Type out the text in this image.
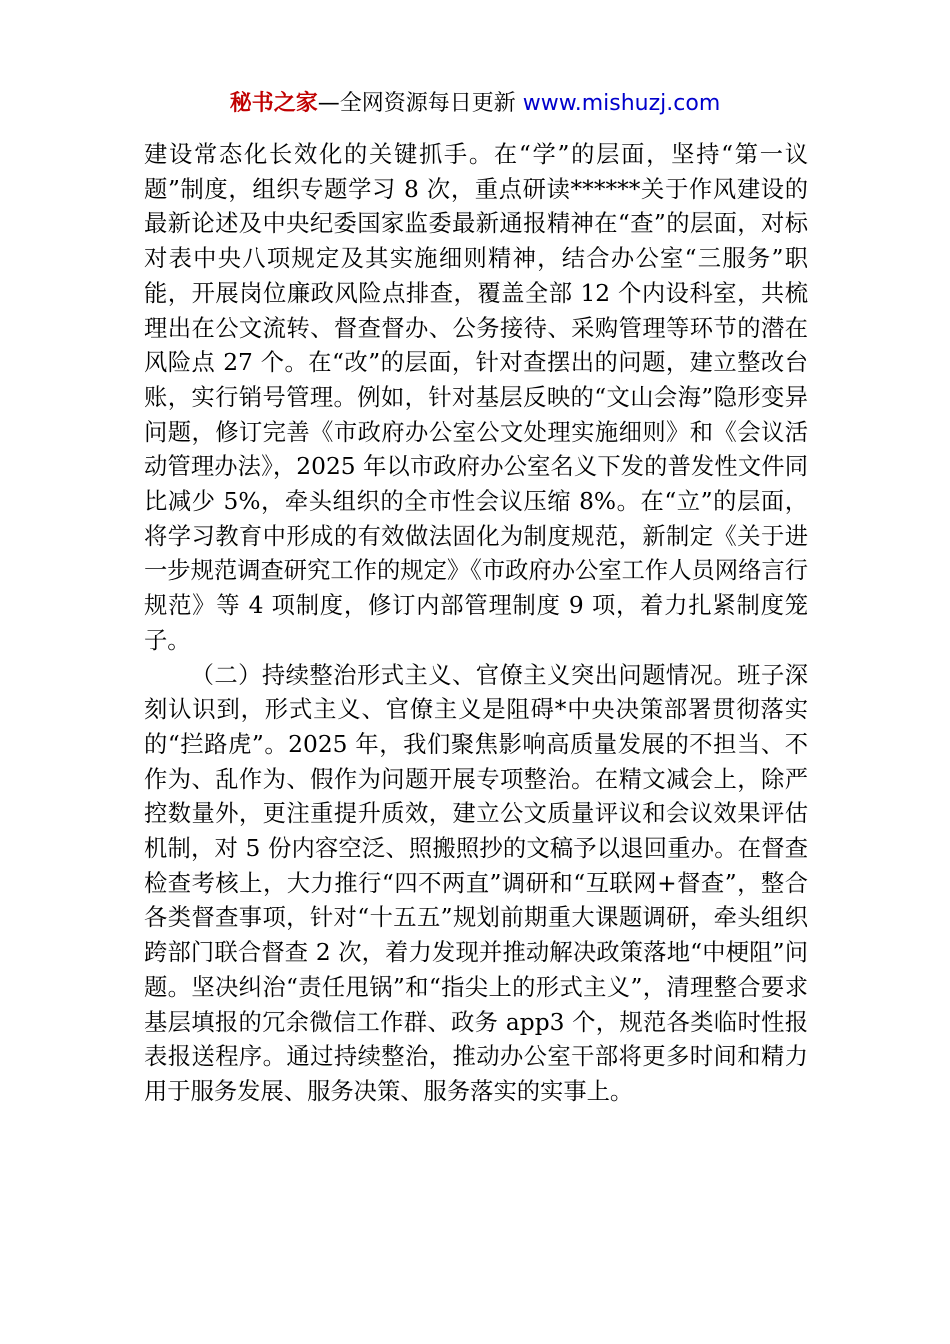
秘书之家—全网资源每日更新 www.mishuzj.com

建设常态化长效化的关键抓手。在“学”的层面，坚持“第一议题”制度，组织专题学习 8 次，重点研读******关于作风建设的最新论述及中央纪委国家监委最新通报精神在“查”的层面，对标对表中央八项规定及其实施细则精神，结合办公室“三服务”职能，开展岗位廉政风险点排查，覆盖全部 12 个内设科室，共梳理出在公文流转、督查督办、公务接待、采购管理等环节的潜在风险点 27 个。在“改”的层面，针对查摆出的问题，建立整改台账，实行销号管理。例如，针对基层反映的“文山会海”隐形变异问题，修订完善《市政府办公室公文处理实施细则》和《会议活动管理办法》，2025 年以市政府办公室名义下发的普发性文件同比减少 5%，牵头组织的全市性会议压缩 8%。在“立”的层面，将学习教育中形成的有效做法固化为制度规范，新制定《关于进一步规范调查研究工作的规定》《市政府办公室工作人员网络言行规范》等 4 项制度，修订内部管理制度 9 项，着力扎紧制度笼子。

（二）持续整治形式主义、官僚主义突出问题情况。班子深刻认识到，形式主义、官僚主义是阻碍*中央决策部署贯彻落实的“拦路虎”。2025 年，我们聚焦影响高质量发展的不担当、不作为、乱作为、假作为问题开展专项整治。在精文减会上，除严控数量外，更注重提升质效，建立公文质量评议和会议效果评估机制，对 5 份内容空泛、照搬照抄的文稿予以退回重办。在督查检查考核上，大力推行“四不两直”调研和“互联网+督查”，整合各类督查事项，针对“十五五”规划前期重大课题调研，牵头组织跨部门联合督查 2 次，着力发现并推动解决政策落地“中梗阻”问题。坚决纠治“责任甩锅”和“指尖上的形式主义”，清理整合要求基层填报的冗余微信工作群、政务 app3 个，规范各类临时性报表报送程序。通过持续整治，推动办公室干部将更多时间和精力用于服务发展、服务决策、服务落实的实事上。
